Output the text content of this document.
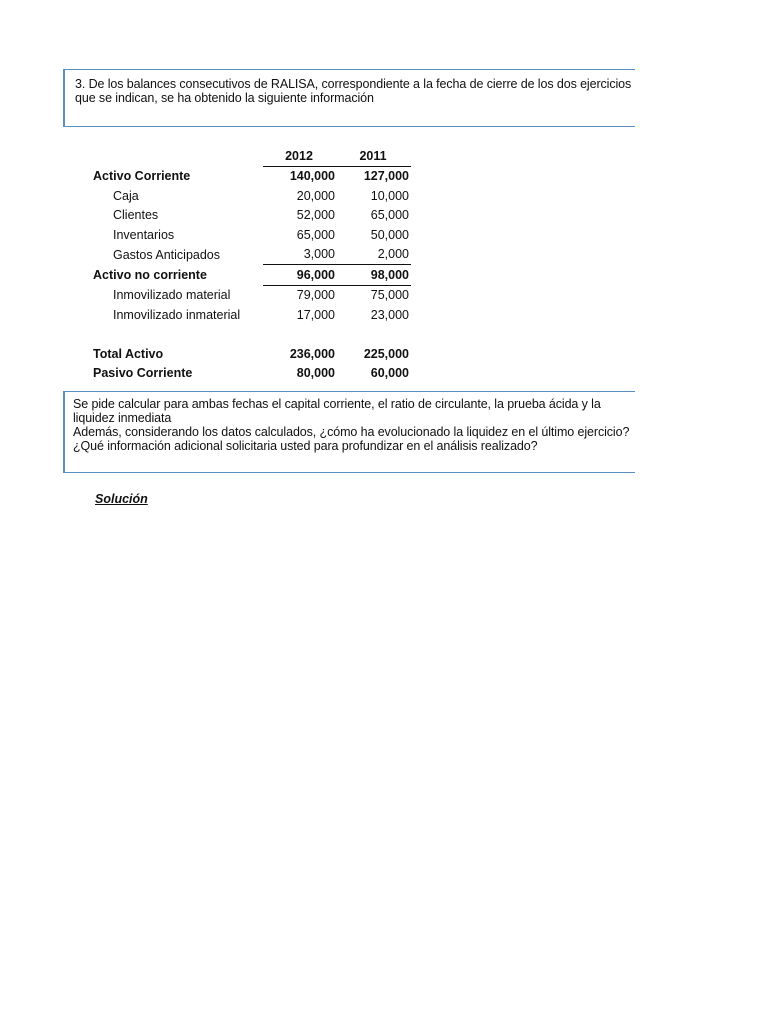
3. De los balances consecutivos de RALISA, correspondiente a la fecha de cierre de los dos ejercicios que se indican, se ha obtenido la siguiente información

	2012	2011
Activo Corriente	140,000	127,000
Caja	20,000	10,000
Clientes	52,000	65,000
Inventarios	65,000	50,000
Gastos Anticipados	3,000	2,000
Activo no corriente	96,000	98,000
Inmovilizado material	79,000	75,000
Inmovilizado inmaterial	17,000	23,000

Total Activo	236,000	225,000
Pasivo Corriente	80,000	60,000

Se pide calcular para ambas fechas el capital corriente, el ratio de circulante, la prueba ácida y la liquidez inmediata
Además, considerando los datos calculados, ¿cómo ha evolucionado la liquidez en el último ejercicio? ¿Qué información adicional solicitaria usted para profundizar en el análisis realizado?

Solución
